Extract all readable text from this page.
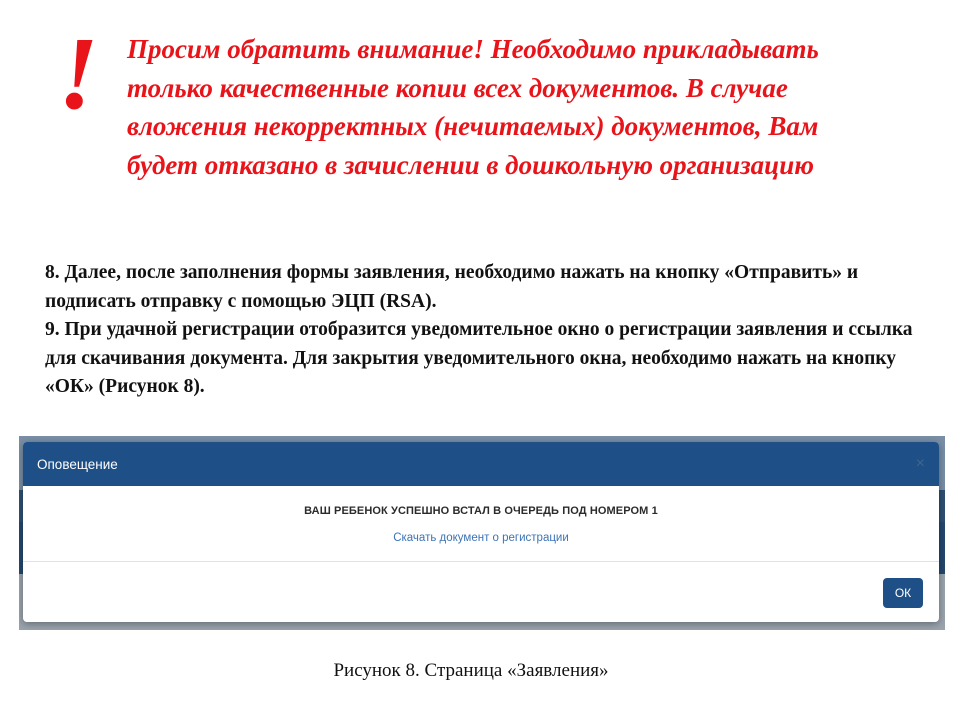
! Просим обратить внимание! Необходимо прикладывать только качественные копии всех документов. В случае вложения некорректных (нечитаемых) документов, Вам будет отказано в зачислении в дошкольную организацию
8. Далее, после заполнения формы заявления, необходимо нажать на кнопку «Отправить» и подписать отправку с помощью ЭЦП (RSA).
9. При удачной регистрации отобразится уведомительное окно о регистрации заявления и ссылка для скачивания документа. Для закрытия уведомительного окна, необходимо нажать на кнопку «ОК» (Рисунок 8).
Оповещение	×
ВАШ РЕБЕНОК УСПЕШНО ВСТАЛ В ОЧЕРЕДЬ ПОД НОМЕРОМ 1
Скачать документ о регистрации
ОК
Рисунок 8. Страница «Заявления»
